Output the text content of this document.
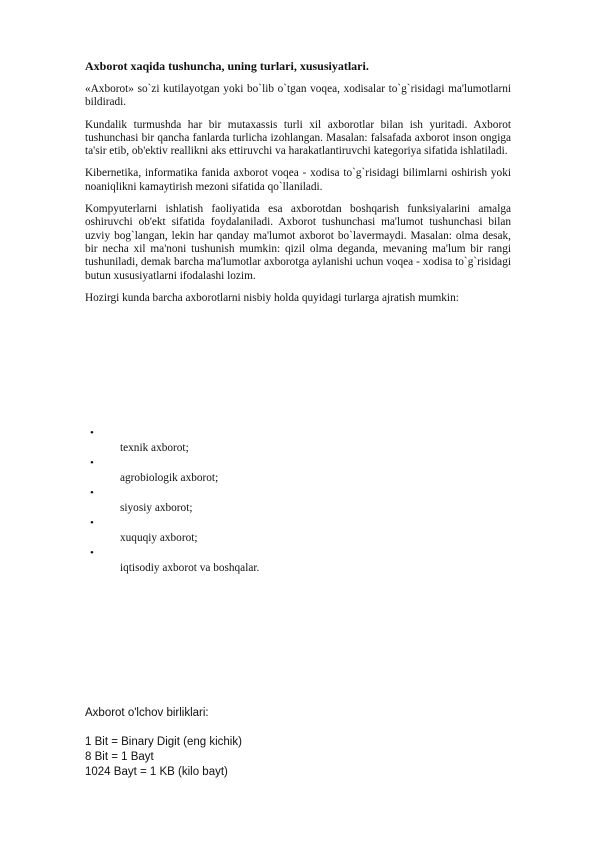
Axborot xaqida tushuncha, uning turlari, xususiyatlari.

«Axborot» so`zi kutilayotgan yoki bo`lib o`tgan voqea, xodisalar to`g`risidagi ma'lumotlarni bildiradi.

Kundalik turmushda har bir mutaxassis turli xil axborotlar bilan ish yuritadi. Axborot tushunchasi bir qancha fanlarda turlicha izohlangan. Masalan: falsafada axborot inson ongiga ta'sir etib, ob'ektiv reallikni aks ettiruvchi va harakatlantiruvchi kategoriya sifatida ishlatiladi.

Kibernetika, informatika fanida axborot voqea - xodisa to`g`risidagi bilimlarni oshirish yoki noaniqlikni kamaytirish mezoni sifatida qo`llaniladi.

Kompyuterlarni ishlatish faoliyatida esa axborotdan boshqarish funksiyalarini amalga oshiruvchi ob'ekt sifatida foydalaniladi. Axborot tushunchasi ma'lumot tushunchasi bilan uzviy bog`langan, lekin har qanday ma'lumot axborot bo`lavermaydi. Masalan: olma desak, bir necha xil ma'noni tushunish mumkin: qizil olma deganda, mevaning ma'lum bir rangi tushuniladi, demak barcha ma'lumotlar axborotga aylanishi uchun voqea - xodisa to`g`risidagi butun xususiyatlarni ifodalashi lozim.

Hozirgi kunda barcha axborotlarni nisbiy holda quyidagi turlarga ajratish mumkin:

•
texnik axborot;
•
agrobiologik axborot;
•
siyosiy axborot;
•
xuquqiy axborot;
•
iqtisodiy axborot va boshqalar.

Axborot o'lchov birliklari:

1 Bit = Binary Digit (eng kichik)

8 Bit = 1 Bayt

1024 Bayt = 1 KB (kilo bayt)
